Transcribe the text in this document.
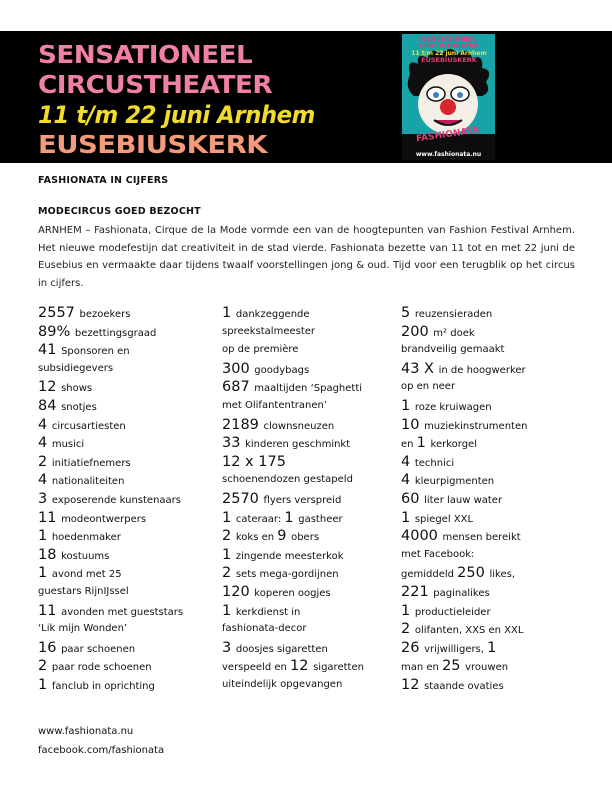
SENSATIONEEL
CIRCUSTHEATER
11 t/m 22 juni Arnhem
EUSEBIUSKERK
SENSATIONEEL
CIRCUSTHEATER
11 t/m 22 juni Arnhem
EUSEBIUSKERK
FASHIONATA
www.fashionata.nu
FASHIONATA IN CIJFERS
MODECIRCUS GOED BEZOCHT
ARNHEM – Fashionata, Cirque de la Mode vormde een van de hoogtepunten van Fashion Festival Arnhem. Het nieuwe modefestijn dat creativiteit in de stad vierde. Fashionata bezette van 11 tot en met 22 juni de Eusebius en vermaakte daar tijdens twaalf voorstellingen jong & oud. Tijd voor een terugblik op het circus in cijfers.
2557 bezoekers
89% bezettingsgraad
41 Sponsoren en
subsidiegevers
12 shows
84 snotjes
4 circusartiesten
4 musici
2 initiatiefnemers
4 nationaliteiten
3 exposerende kunstenaars
11 modeontwerpers
1 hoedenmaker
18 kostuums
1 avond met 25
guestars RijnIJssel
11 avonden met gueststars
‘Lik mijn Wonden’
16 paar schoenen
2 paar rode schoenen
1 fanclub in oprichting
1 dankzeggende
spreekstalmeester
op de première
300 goodybags
687 maaltijden ‘Spaghetti
met Olifantentranen’
2189 clownsneuzen
33 kinderen geschminkt
12 x 175
schoenendozen gestapeld
2570 flyers verspreid
1 cateraar: 1 gastheer
2 koks en 9 obers
1 zingende meesterkok
2 sets mega-gordijnen
120 koperen oogjes
1 kerkdienst in
fashionata-decor
3 doosjes sigaretten
verspeeld en 12 sigaretten
uiteindelijk opgevangen
5 reuzensieraden
200 m² doek
brandveilig gemaakt
43 X in de hoogwerker
op en neer
1 roze kruiwagen
10 muziekinstrumenten
en 1 kerkorgel
4 technici
4 kleurpigmenten
60 liter lauw water
1 spiegel XXL
4000 mensen bereikt
met Facebook:
gemiddeld 250 likes,
221 paginalikes
1 productieleider
2 olifanten, XXS en XXL
26 vrijwilligers, 1
man en 25 vrouwen
12 staande ovaties
www.fashionata.nu
facebook.com/fashionata
